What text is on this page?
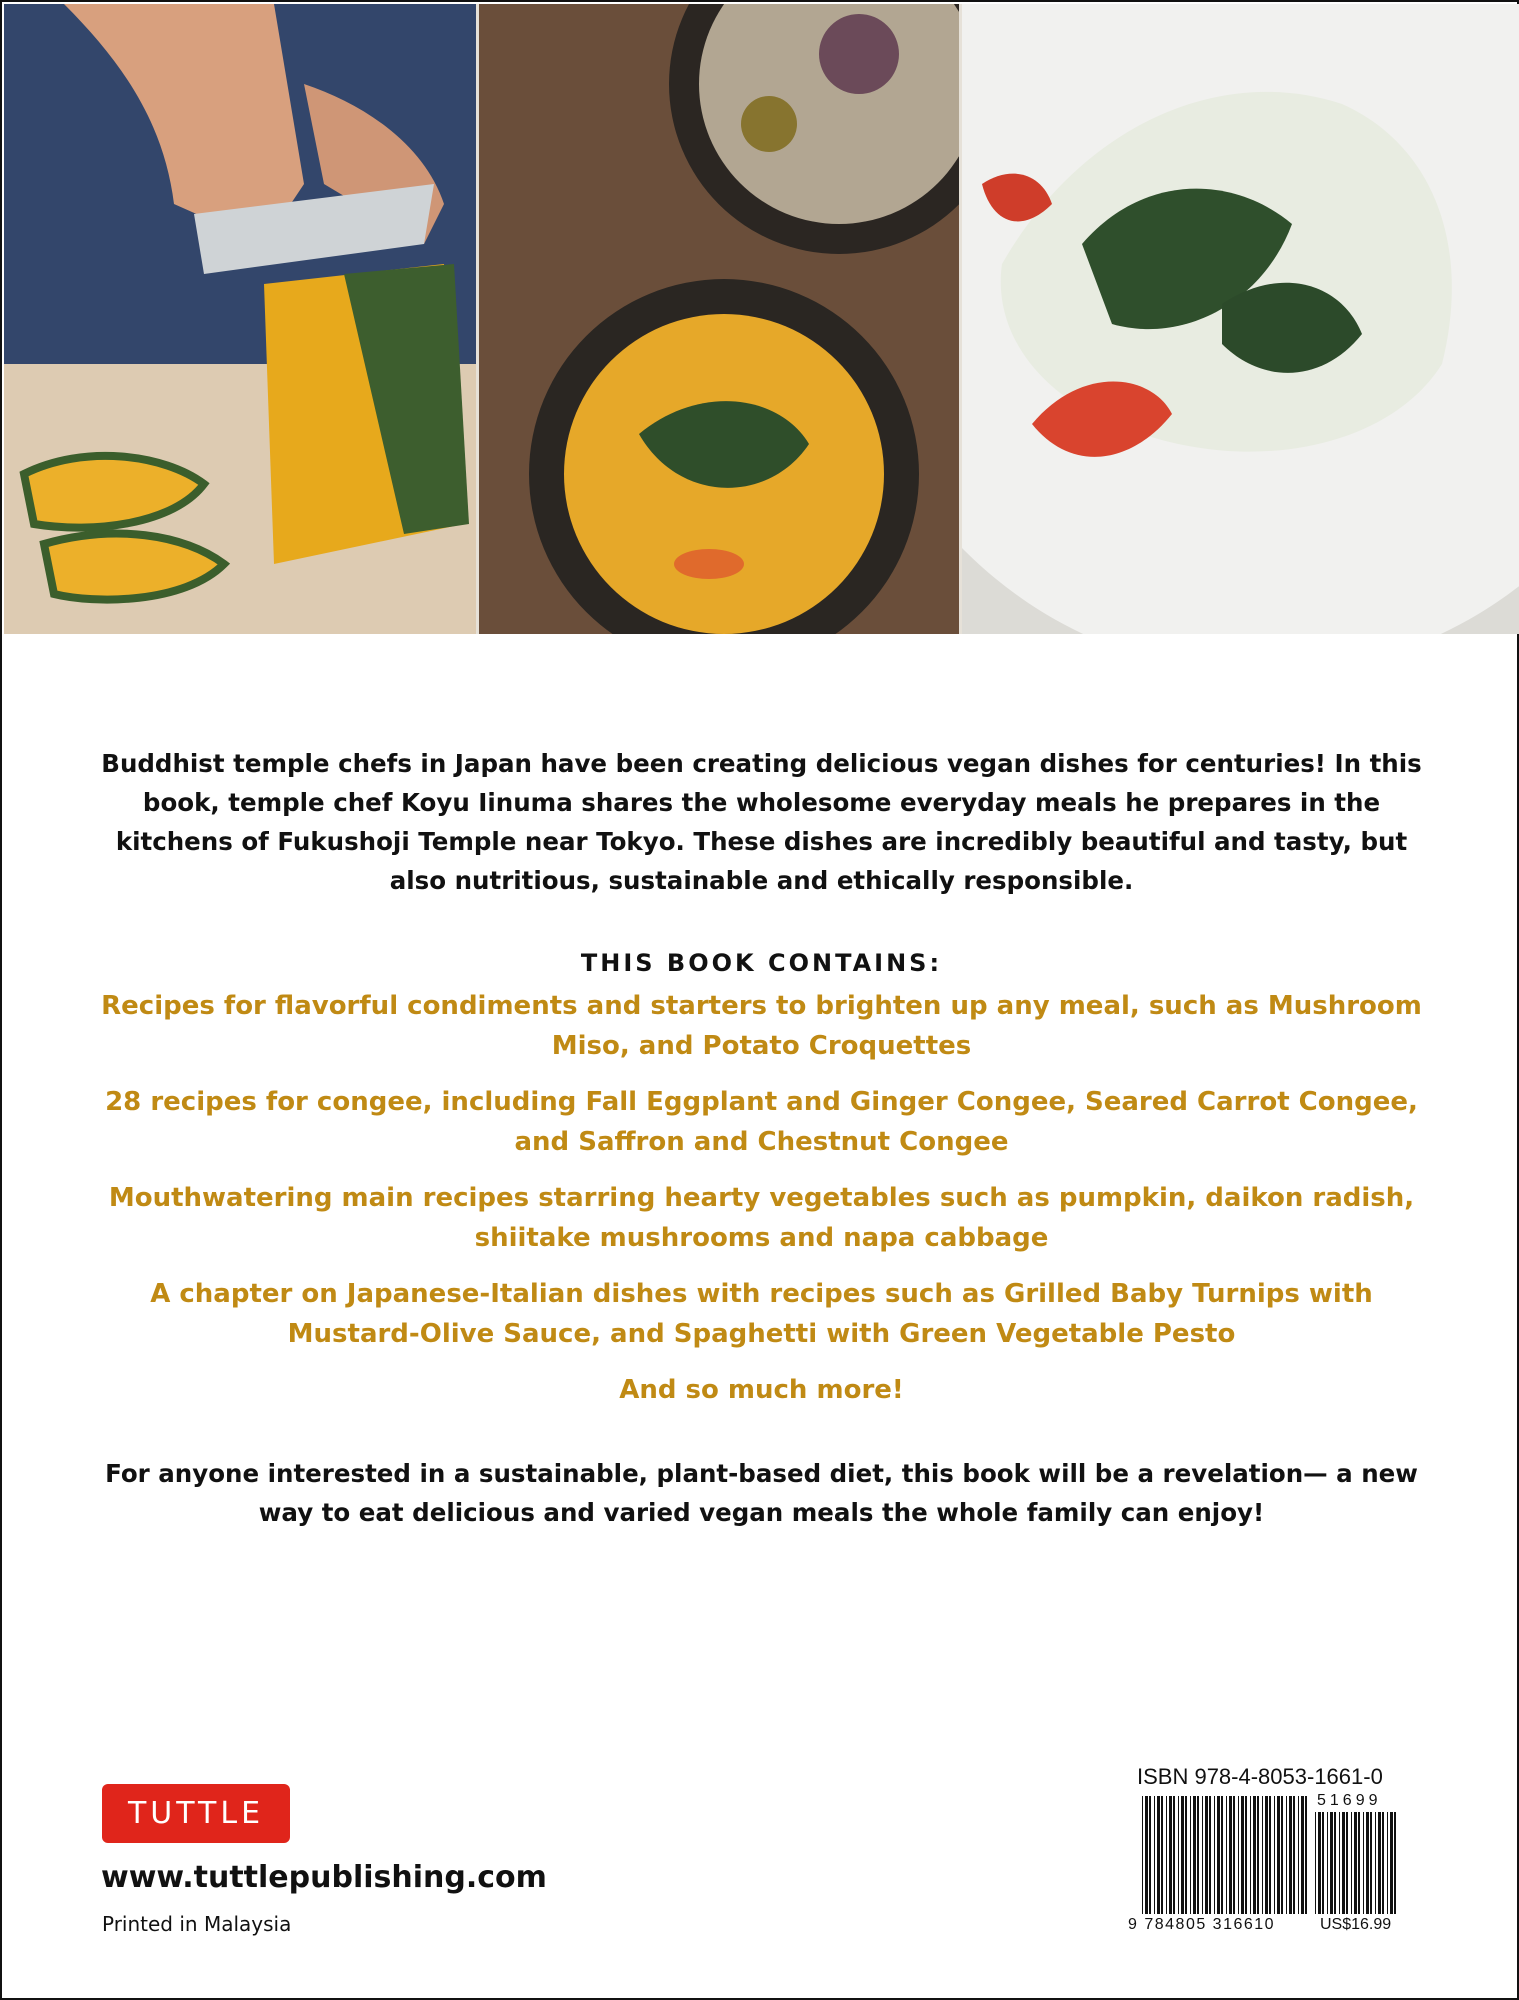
Buddhist temple chefs in Japan have been creating delicious vegan dishes for centuries! In this book, temple chef Koyu Iinuma shares the wholesome everyday meals he prepares in the kitchens of Fukushoji Temple near Tokyo. These dishes are incredibly beautiful and tasty, but also nutritious, sustainable and ethically responsible.

THIS BOOK CONTAINS:

Recipes for flavorful condiments and starters to brighten up any meal, such as Mushroom Miso, and Potato Croquettes

28 recipes for congee, including Fall Eggplant and Ginger Congee, Seared Carrot Congee, and Saffron and Chestnut Congee

Mouthwatering main recipes starring hearty vegetables such as pumpkin, daikon radish, shiitake mushrooms and napa cabbage

A chapter on Japanese-Italian dishes with recipes such as Grilled Baby Turnips with Mustard-Olive Sauce, and Spaghetti with Green Vegetable Pesto

And so much more!

For anyone interested in a sustainable, plant-based diet, this book will be a revelation— a new way to eat delicious and varied vegan meals the whole family can enjoy!

TUTTLE
www.tuttlepublishing.com
Printed in Malaysia
ISBN 978-4-8053-1661-0
51699
9 784805 316610	US$16.99
